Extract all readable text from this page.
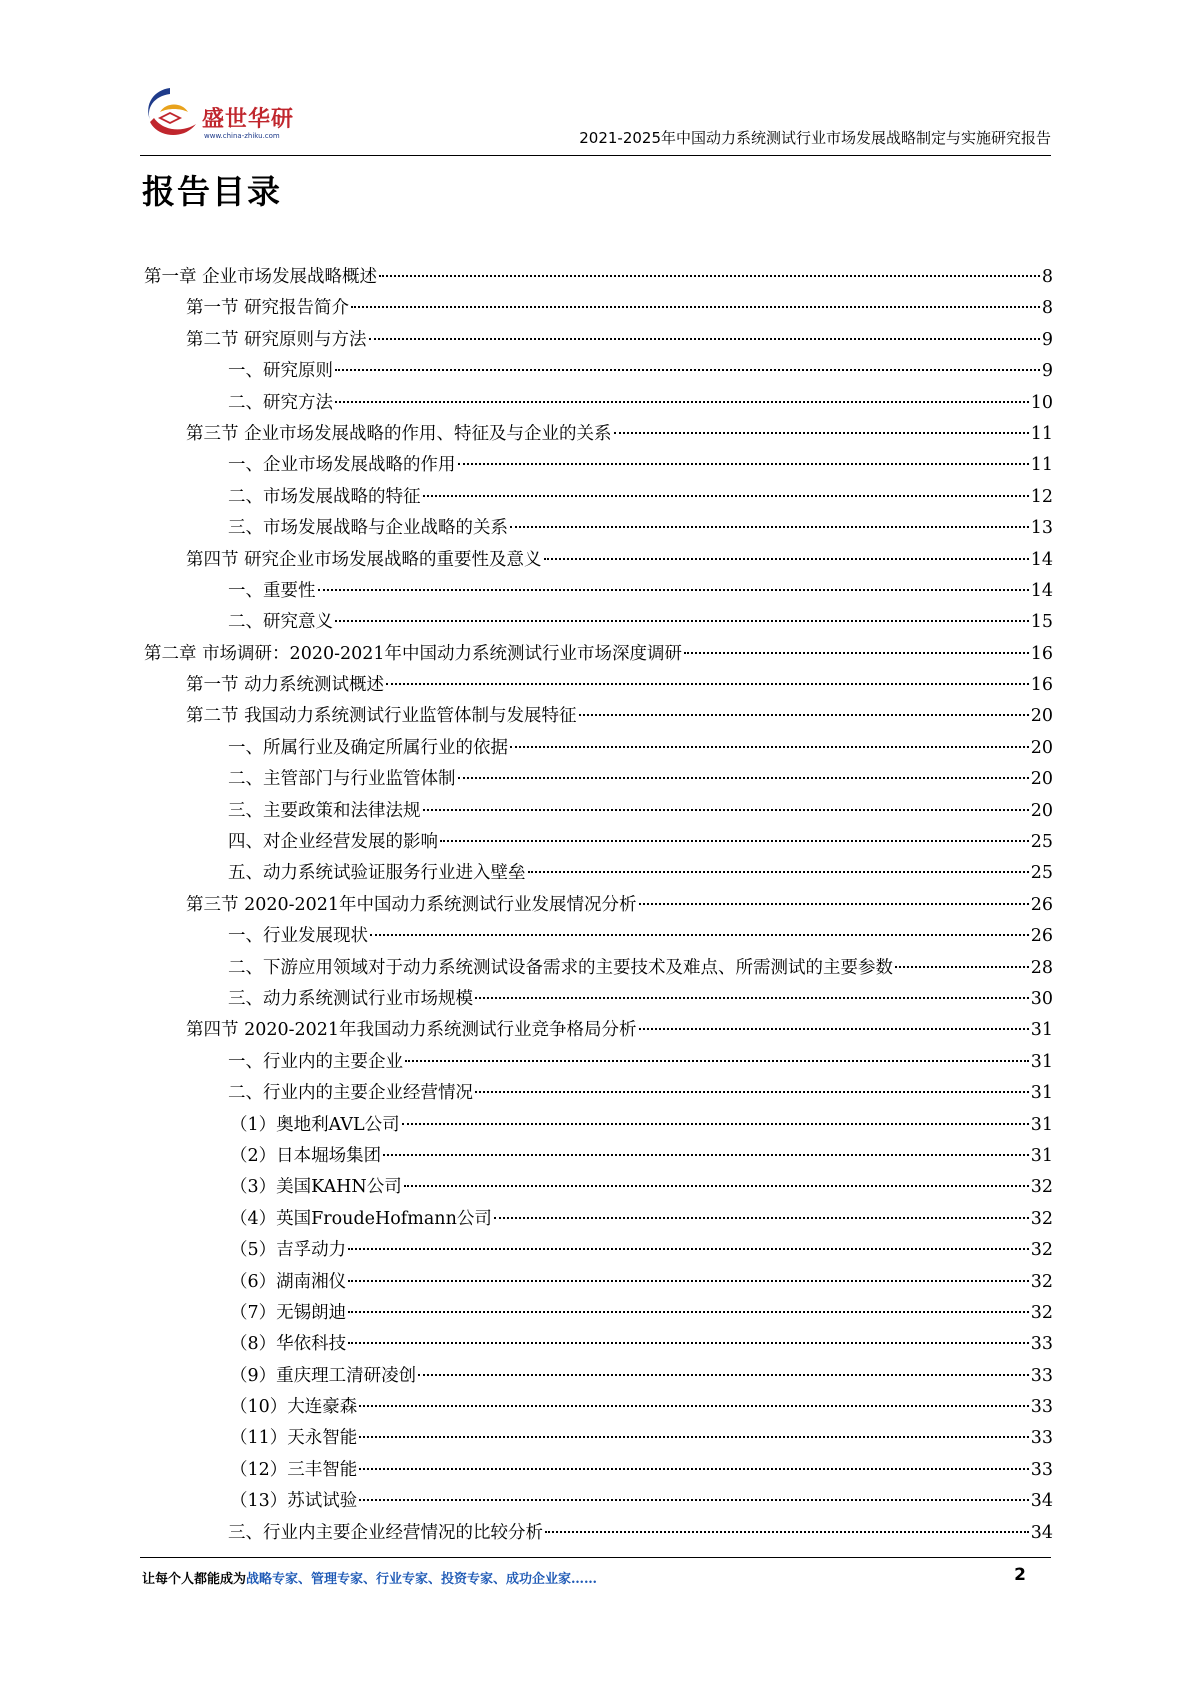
盛世华研
www.china-zhiku.com	2021-2025年中国动力系统测试行业市场发展战略制定与实施研究报告
报告目录
第一章 企业市场发展战略概述	8
第一节 研究报告简介	8
第二节 研究原则与方法	9
一、研究原则	9
二、研究方法	10
第三节 企业市场发展战略的作用、特征及与企业的关系	11
一、企业市场发展战略的作用	11
二、市场发展战略的特征	12
三、市场发展战略与企业战略的关系	13
第四节 研究企业市场发展战略的重要性及意义	14
一、重要性	14
二、研究意义	15
第二章 市场调研：2020-2021年中国动力系统测试行业市场深度调研	16
第一节 动力系统测试概述	16
第二节 我国动力系统测试行业监管体制与发展特征	20
一、所属行业及确定所属行业的依据	20
二、主管部门与行业监管体制	20
三、主要政策和法律法规	20
四、对企业经营发展的影响	25
五、动力系统试验证服务行业进入壁垒	25
第三节 2020-2021年中国动力系统测试行业发展情况分析	26
一、行业发展现状	26
二、下游应用领域对于动力系统测试设备需求的主要技术及难点、所需测试的主要参数	28
三、动力系统测试行业市场规模	30
第四节 2020-2021年我国动力系统测试行业竞争格局分析	31
一、行业内的主要企业	31
二、行业内的主要企业经营情况	31
（1）奥地利AVL公司	31
（2）日本堀场集团	31
（3）美国KAHN公司	32
（4）英国FroudeHofmann公司	32
（5）吉孚动力	32
（6）湖南湘仪	32
（7）无锡朗迪	32
（8）华依科技	33
（9）重庆理工清研凌创	33
（10）大连豪森	33
（11）天永智能	33
（12）三丰智能	33
（13）苏试试验	34
三、行业内主要企业经营情况的比较分析	34
让每个人都能成为战略专家、管理专家、行业专家、投资专家、成功企业家……	2
